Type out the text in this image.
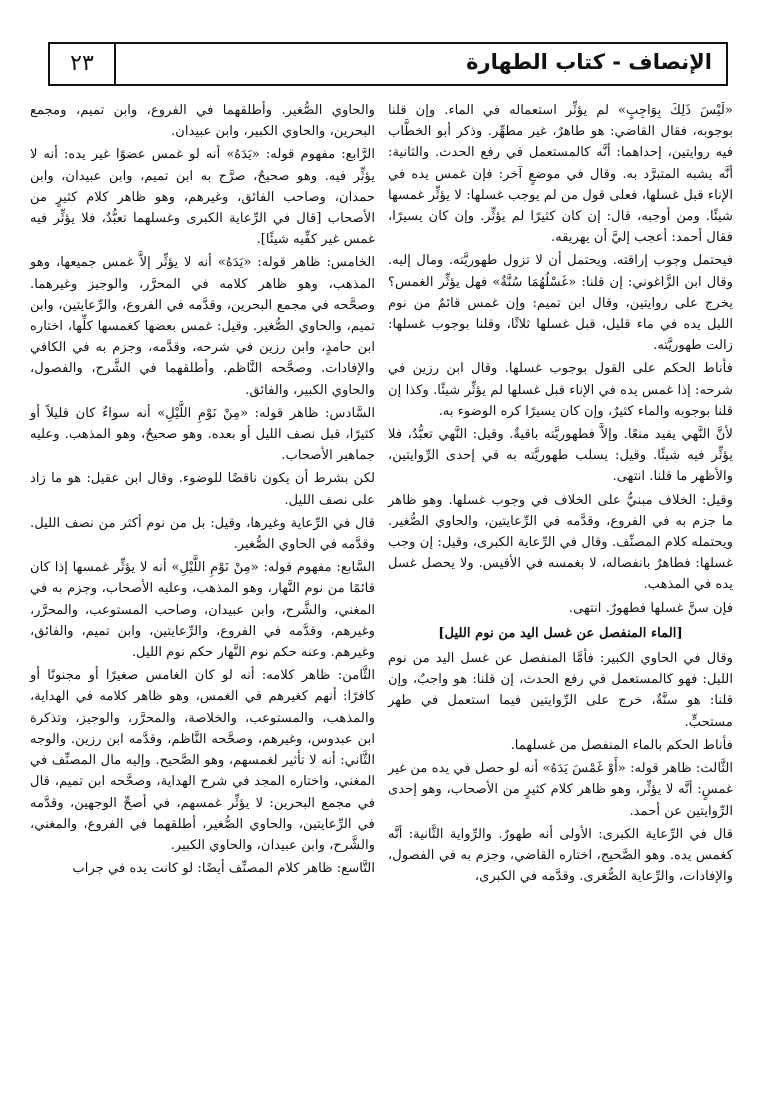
الإنصاف - كتاب الطهارة
٢٣

«لَيْسَ ذَلِكَ بِوَاجِبٍ» لم يؤثِّر استعماله في الماء. وإن قلنا بوجوبه، فقال القاضي: هو طاهرٌ، غير مطهِّر. وذكر أبو الخطَّاب فيه روايتين، إحداهما: أنَّه كالمستعمل في رفع الحدث. والثانية: أنَّه يشبه المتبرَّد به. وقال في موضعٍ آخر: فإن غمس يده في الإناء قبل غسلها، فعلى قول من لم يوجب غسلها: لا يؤثِّر غمسها شيئًا. ومن أوجبه، قال: إن كان كثيرًا لم يؤثِّر. وإن كان يسيرًا، فقال أحمد: أعجب إليَّ أن يهريقه.

فيحتمل وجوب إراقته. ويحتمل أن لا تزول طهوريَّته. ومال إليه. وقال ابن الزَّاغوني: إن قلنا: «غَسْلُهُمَا سُنَّةٌ» فهل يؤثِّر الغمس؟ يخرج على روايتين، وقال ابن تميم: وإن غمس قائمٌ من نوم الليل يده في ماء قليل، قبل غسلها ثلاثًا، وقلنا بوجوب غسلها: زالت طهوريَّته.

فأناط الحكم على القول بوجوب غسلها. وقال ابن رزين في شرحه: إذا غمس يده في الإناء قبل غسلها لم يؤثِّر شيئًا. وكذا إن قلنا بوجوبه والماء كثيرٌ، وإن كان يسيرًا كره الوضوء به.

لأنَّ النَّهي يفيد منعًا. وإلاَّ فطهوريَّته باقيةٌ. وقيل: النَّهي تعبُّدٌ، فلا يؤثِّر فيه شيئًا. وقيل: يسلب طهوريَّته به في إحدى الرِّوايتين، والأظهر ما قلنا. انتهى.

وقيل: الخلاف مبنيٌّ على الخلاف في وجوب غسلها. وهو ظاهر ما جزم به في الفروع، وقدَّمه في الرِّعايتين، والحاوي الصُّغير. ويحتمله كلام المصنِّف. وقال في الرِّعاية الكبرى، وقيل: إن وجب غسلها: فطاهرٌ بانفصاله، لا بغمسه في الأقيس. ولا يحصل غسل يده في المذهب.

فإن سنَّ غسلها فطهورٌ. انتهى.

[الماء المنفصل عن غسل اليد من نوم الليل]

وقال في الحاوي الكبير: فأمَّا المنفصل عن غسل اليد من نوم الليل: فهو كالمستعمل في رفع الحدث، إن قلنا: هو واجبٌ، وإن قلنا: هو سنَّةٌ، خرج على الرِّوايتين فيما استعمل في طهر مستحبٍّ.

فأناط الحكم بالماء المنفصل من غسلهما.

الثَّالث: ظاهر قوله: «أَوْ غَمْسَ يَدَهُ» أنه لو حصل في يده من غير غمسٍ: أنَّه لا يؤثِّر، وهو ظاهر كلام كثيرٍ من الأصحاب، وهو إحدى الرِّوايتين عن أحمد.

قال في الرِّعاية الكبرى: الأولى أنه طهورٌ. والرِّواية الثَّانية: أنَّه كغمس يده. وهو الصَّحيح، اختاره القاضي، وجزم به في الفصول، والإفادات، والرِّعاية الصُّغرى. وقدَّمه في الكبرى،

والحاوي الصُّغير. وأطلقهما في الفروع، وابن تميم، ومجمع البحرين، والحاوي الكبير، وابن عبيدان.

الرَّابع: مفهوم قوله: «يَدَهُ» أنه لو غمس عضوًا غير يده: أنه لا يؤثِّر فيه. وهو صحيحٌ، صرَّح به ابن تميم، وابن عبيدان، وابن حمدان، وصاحب الفائق، وغيرهم، وهو ظاهر كلام كثيرٍ من الأصحاب [قال في الرِّعاية الكبرى وغسلهما تعبُّدٌ، فلا يؤثِّر فيه غمس غير كفِّيه شيئًا].

الخامس: ظاهر قوله: «يَدَهُ» أنه لا يؤثِّر إلاَّ غمس جميعها، وهو المذهب، وهو ظاهر كلامه في المحرَّر، والوجيز وغيرهما. وصحَّحه في مجمع البحرين، وقدَّمه في الفروع، والرِّعايتين، وابن تميم، والحاوي الصُّغير. وقيل: غمس بعضها كغمسها كلِّها، اختاره ابن حامدٍ، وابن رزين في شرحه، وقدَّمه، وجزم به في الكافي والإفادات. وصحَّحه النَّاظم. وأطلقهما في الشَّرح، والفصول، والحاوي الكبير، والفائق.

السَّادس: ظاهر قوله: «مِنْ نَوْمِ اللَّيْلِ» أنه سواءٌ كان قليلاً أو كثيرًا، قبل نصف الليل أو بعده. وهو صحيحٌ، وهو المذهب. وعليه جماهير الأصحاب.

لكن بشرط أن يكون ناقضًا للوضوء. وقال ابن عقيل: هو ما زاد على نصف الليل.

قال في الرِّعاية وغيرها، وقيل: بل من نوم أكثر من نصف الليل. وقدَّمه في الحاوي الصُّغير.

السَّابع: مفهوم قوله: «مِنْ نَوْمِ اللَّيْلِ» أنه لا يؤثِّر غمسها إذا كان قائمًا من نوم النَّهار، وهو المذهب، وعليه الأصحاب، وجزم به في المغني، والشَّرح، وابن عبيدان، وصاحب المستوعب، والمحرَّر، وغيرهم، وقدَّمه في الفروع، والرِّعايتين، وابن تميم، والفائق، وغيرهم. وعنه حكم نوم النَّهار حكم نوم الليل.

الثَّامن: ظاهر كلامه: أنه لو كان الغامس صغيرًا أو مجنونًا أو كافرًا: أنهم كغيرهم في الغمس، وهو ظاهر كلامه في الهداية، والمذهب، والمستوعب، والخلاصة، والمحرَّر، والوجيز، وتذكرة ابن عبدوس، وغيرهم، وصحَّحه النَّاظم، وقدَّمه ابن رزين. والوجه الثَّاني: أنه لا تأثير لغمسهم، وهو الصَّحيح. وإليه مال المصنِّف في المغني، واختاره المجد في شرح الهداية، وصحَّحه ابن تميم، قال في مجمع البحرين: لا يؤثِّر غمسهم، في أصحِّ الوجهين، وقدَّمه في الرِّعايتين، والحاوي الصُّغير، أطلقهما في الفروع، والمغني، والشَّرح، وابن عبيدان، والحاوي الكبير.

التَّاسع: ظاهر كلام المصنِّف أيضًا: لو كانت يده في جراب
